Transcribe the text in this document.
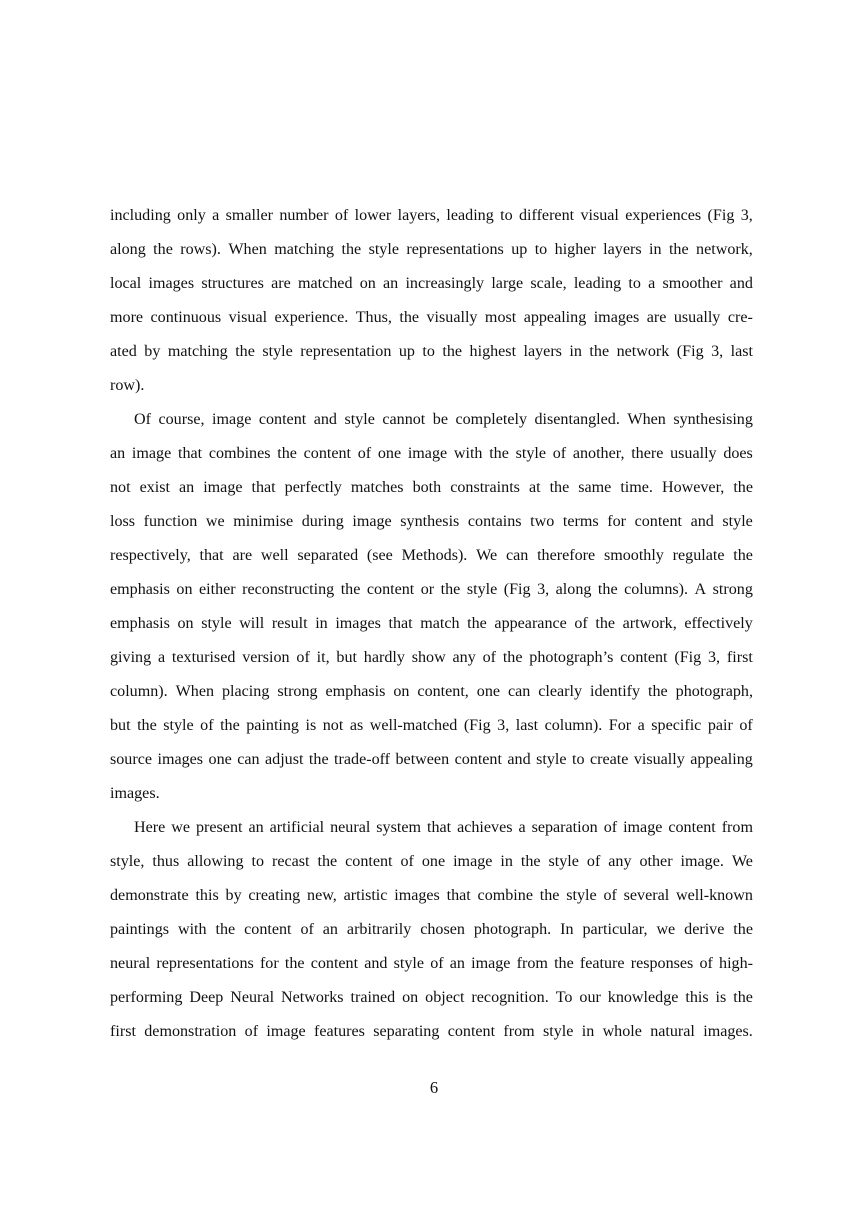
including only a smaller number of lower layers, leading to different visual experiences (Fig 3,
along the rows). When matching the style representations up to higher layers in the network,
local images structures are matched on an increasingly large scale, leading to a smoother and
more continuous visual experience. Thus, the visually most appealing images are usually cre-
ated by matching the style representation up to the highest layers in the network (Fig 3, last
row).
Of course, image content and style cannot be completely disentangled. When synthesising
an image that combines the content of one image with the style of another, there usually does
not exist an image that perfectly matches both constraints at the same time. However, the
loss function we minimise during image synthesis contains two terms for content and style
respectively, that are well separated (see Methods). We can therefore smoothly regulate the
emphasis on either reconstructing the content or the style (Fig 3, along the columns). A strong
emphasis on style will result in images that match the appearance of the artwork, effectively
giving a texturised version of it, but hardly show any of the photograph’s content (Fig 3, first
column). When placing strong emphasis on content, one can clearly identify the photograph,
but the style of the painting is not as well-matched (Fig 3, last column). For a specific pair of
source images one can adjust the trade-off between content and style to create visually appealing
images.
Here we present an artificial neural system that achieves a separation of image content from
style, thus allowing to recast the content of one image in the style of any other image. We
demonstrate this by creating new, artistic images that combine the style of several well-known
paintings with the content of an arbitrarily chosen photograph. In particular, we derive the
neural representations for the content and style of an image from the feature responses of high-
performing Deep Neural Networks trained on object recognition. To our knowledge this is the
first demonstration of image features separating content from style in whole natural images.
6
